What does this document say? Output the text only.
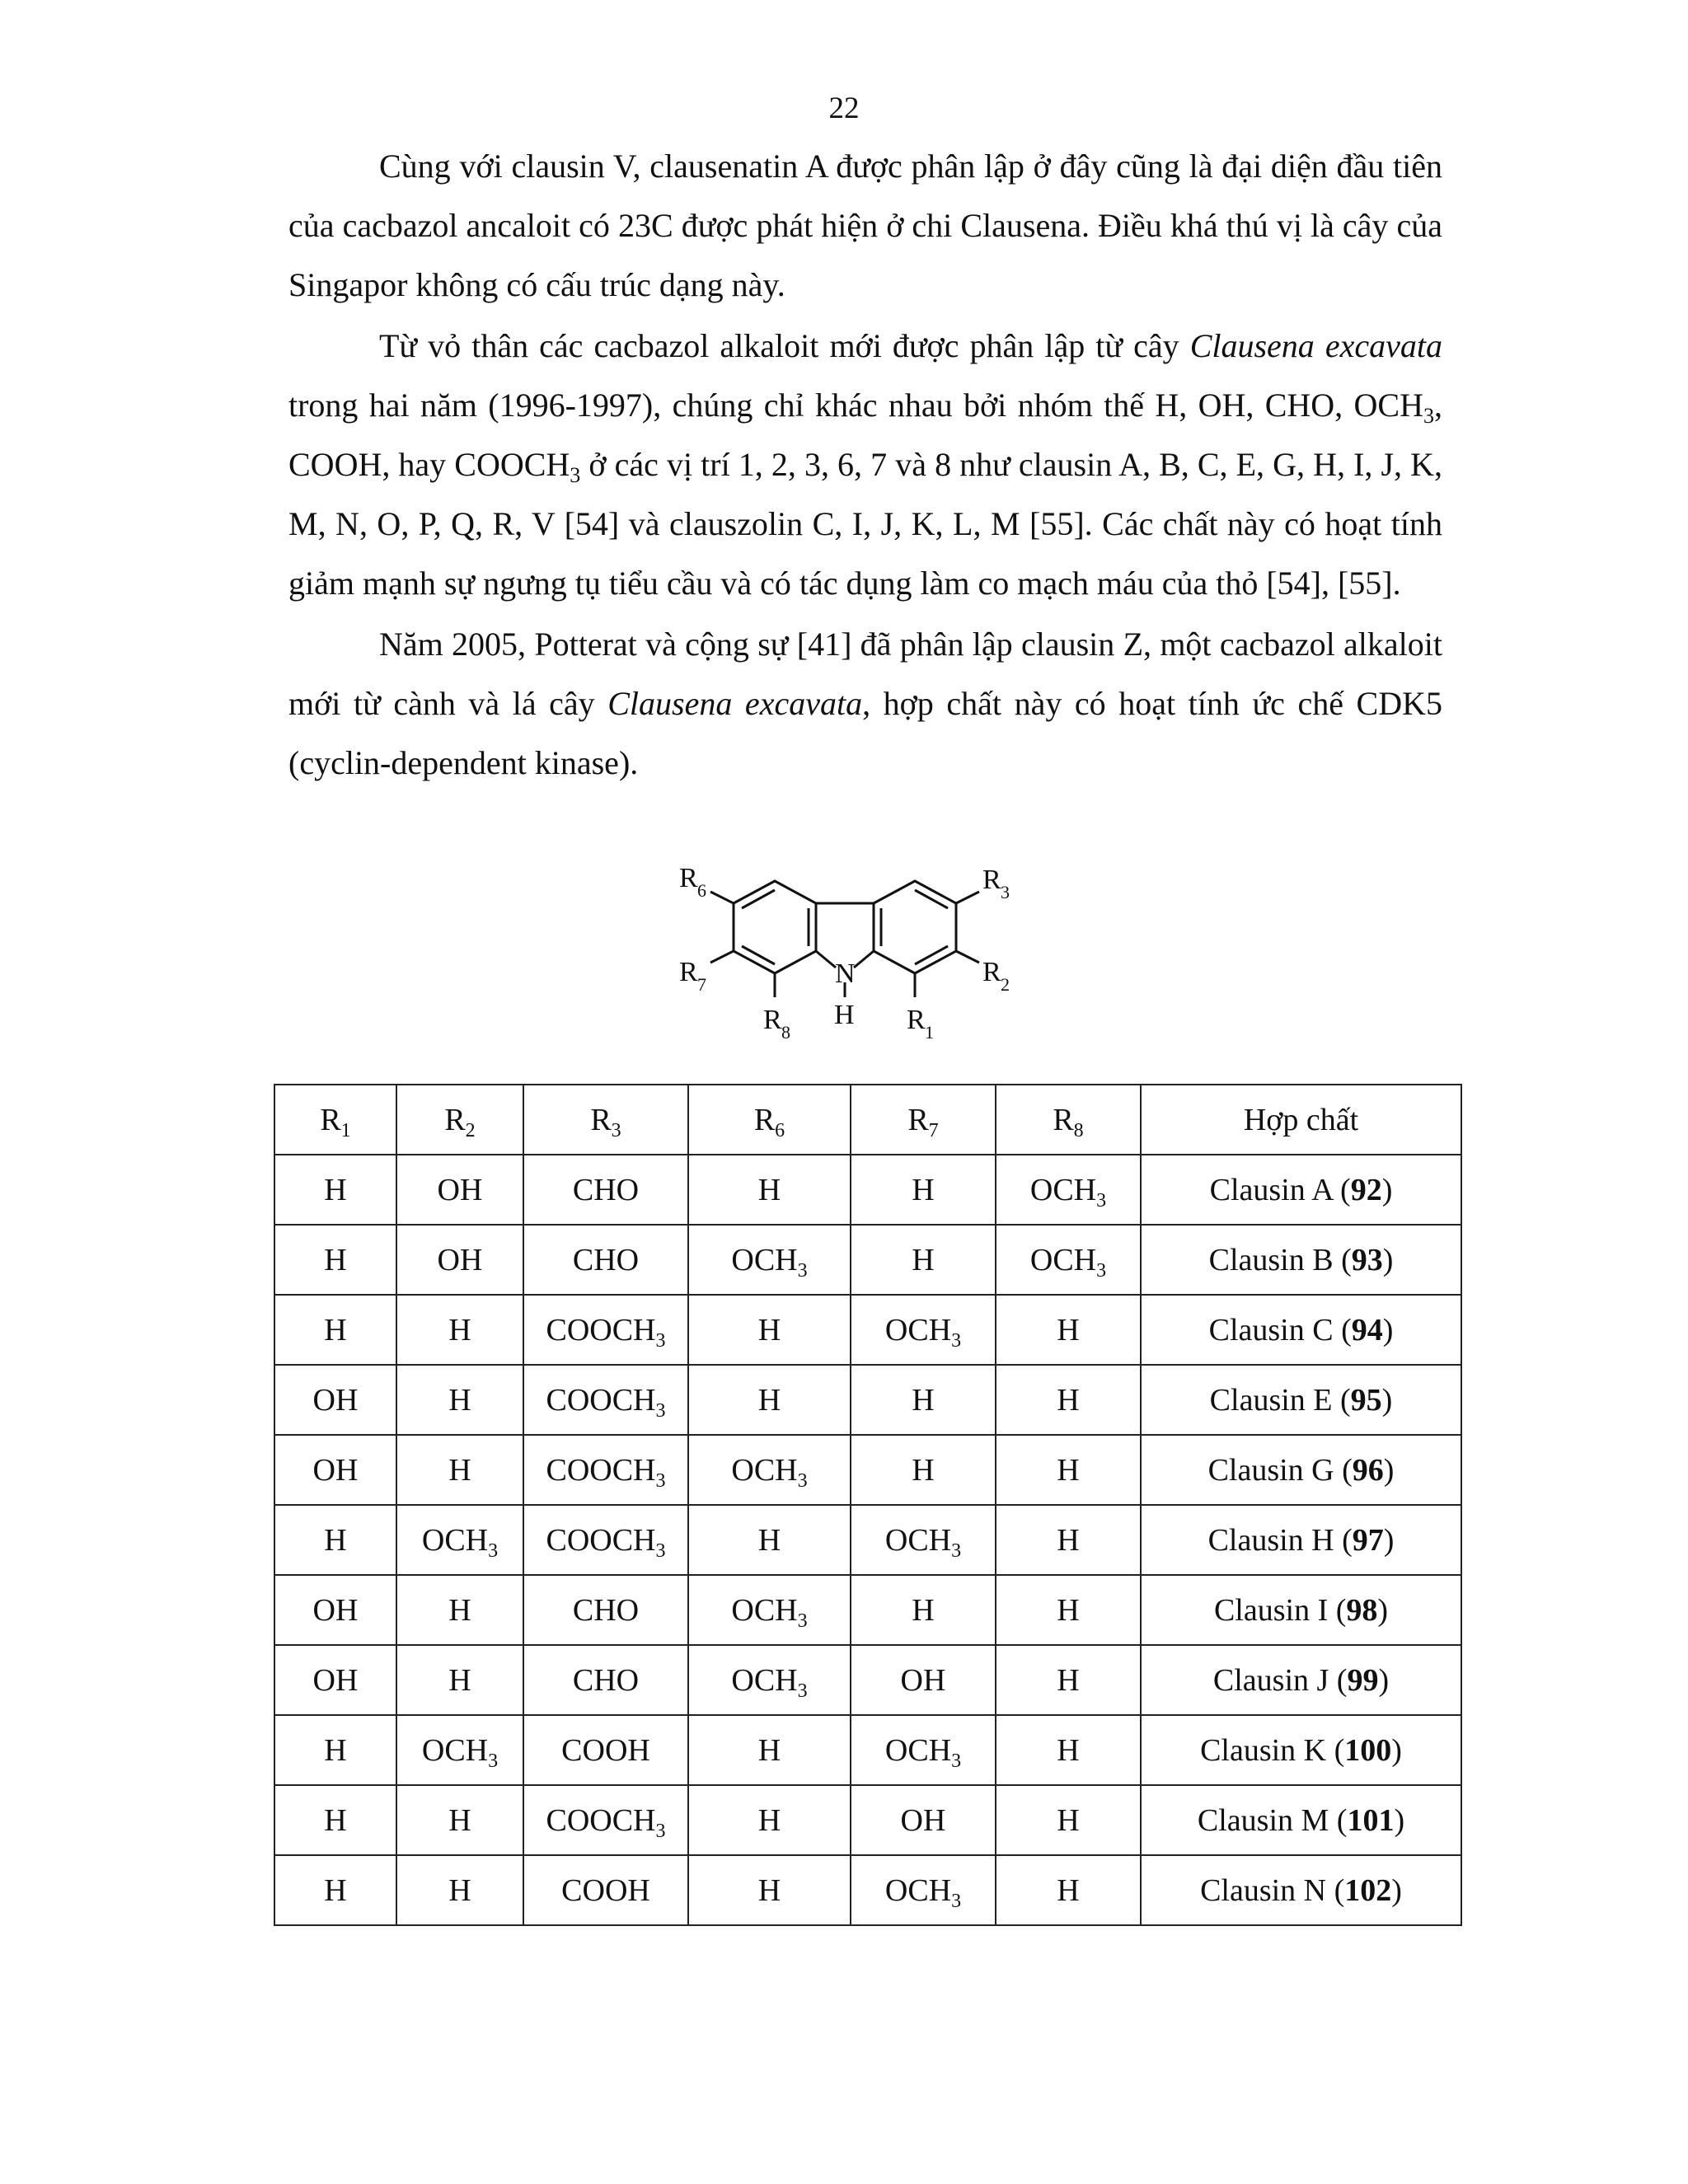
22

Cùng với clausin V, clausenatin A được phân lập ở đây cũng là đại diện đầu tiên của cacbazol ancaloit có 23C được phát hiện ở chi Clausena. Điều khá thú vị là cây của Singapor không có cấu trúc dạng này.

Từ vỏ thân các cacbazol alkaloit mới được phân lập từ cây Clausena excavata trong hai năm (1996-1997), chúng chỉ khác nhau bởi nhóm thế H, OH, CHO, $OCH_3$, COOH, hay $COOCH_3$ ở các vị trí 1, 2, 3, 6, 7 và 8 như clausin A, B, C, E, G, H, I, J, K, M, N, O, P, Q, R, V [54] và clauszolin C, I, J, K, L, M [55]. Các chất này có hoạt tính giảm mạnh sự ngưng tụ tiểu cầu và có tác dụng làm co mạch máu của thỏ [54], [55].

Năm 2005, Potterat và cộng sự [41] đã phân lập clausin Z, một cacbazol alkaloit mới từ cành và lá cây Clausena excavata, hợp chất này có hoạt tính ức chế CDK5 (cyclin-dependent kinase).

R 6	R 3
R 7	R 2
R 8	R 1
N
H
$R_1$	$R_2$	$R_3$	$R_6$	$R_7$	$R_8$	Hợp chất
H	OH	CHO	H	H	$OCH_3$	Clausin A (92)
H	OH	CHO	$OCH_3$	H	$OCH_3$	Clausin B (93)
H	H	$COOCH_3$	H	$OCH_3$	H	Clausin C (94)
OH	H	$COOCH_3$	H	H	H	Clausin E (95)
OH	H	$COOCH_3$	$OCH_3$	H	H	Clausin G (96)
H	$OCH_3$	$COOCH_3$	H	$OCH_3$	H	Clausin H (97)
OH	H	CHO	$OCH_3$	H	H	Clausin I (98)
OH	H	CHO	$OCH_3$	OH	H	Clausin J (99)
H	$OCH_3$	COOH	H	$OCH_3$	H	Clausin K (100)
H	H	$COOCH_3$	H	OH	H	Clausin M (101)
H	H	COOH	H	$OCH_3$	H	Clausin N (102)
